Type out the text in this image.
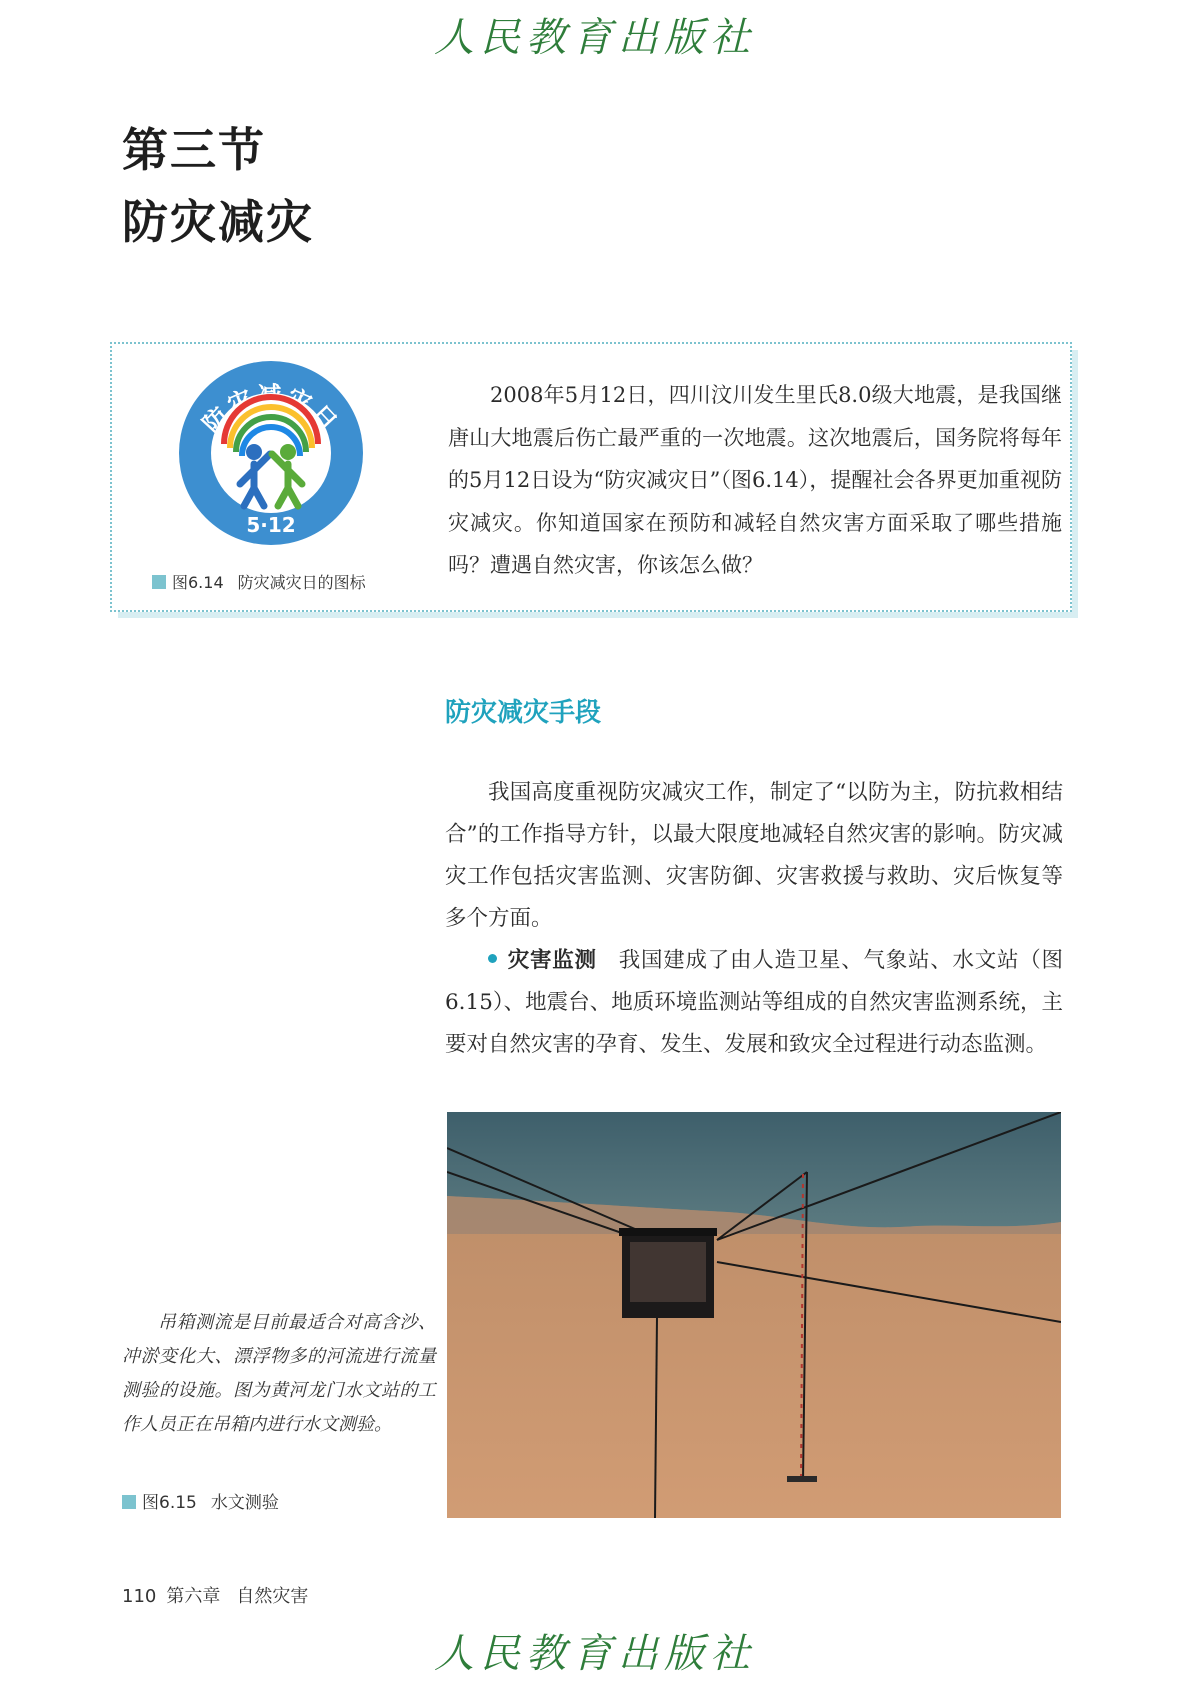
人民教育出版社
第三节
防灾减灾
防灾减灾日
5·12
图6.14 防灾减灾日的图标
2008年5月12日，四川汶川发生里氏8.0级大地震，是我国继唐山大地震后伤亡最严重的一次地震。这次地震后，国务院将每年的5月12日设为“防灾减灾日”（图6.14），提醒社会各界更加重视防灾减灾。你知道国家在预防和减轻自然灾害方面采取了哪些措施吗？遭遇自然灾害，你该怎么做？
防灾减灾手段

我国高度重视防灾减灾工作，制定了“以防为主，防抗救相结合”的工作指导方针，以最大限度地减轻自然灾害的影响。防灾减灾工作包括灾害监测、灾害防御、灾害救援与救助、灾后恢复等多个方面。

灾害监测 我国建成了由人造卫星、气象站、水文站（图6.15）、地震台、地质环境监测站等组成的自然灾害监测系统，主要对自然灾害的孕育、发生、发展和致灾全过程进行动态监测。

吊箱测流是目前最适合对高含沙、冲淤变化大、漂浮物多的河流进行流量测验的设施。图为黄河龙门水文站的工作人员正在吊箱内进行水文测验。
图6.15 水文测验
110 第六章 自然灾害
人民教育出版社
